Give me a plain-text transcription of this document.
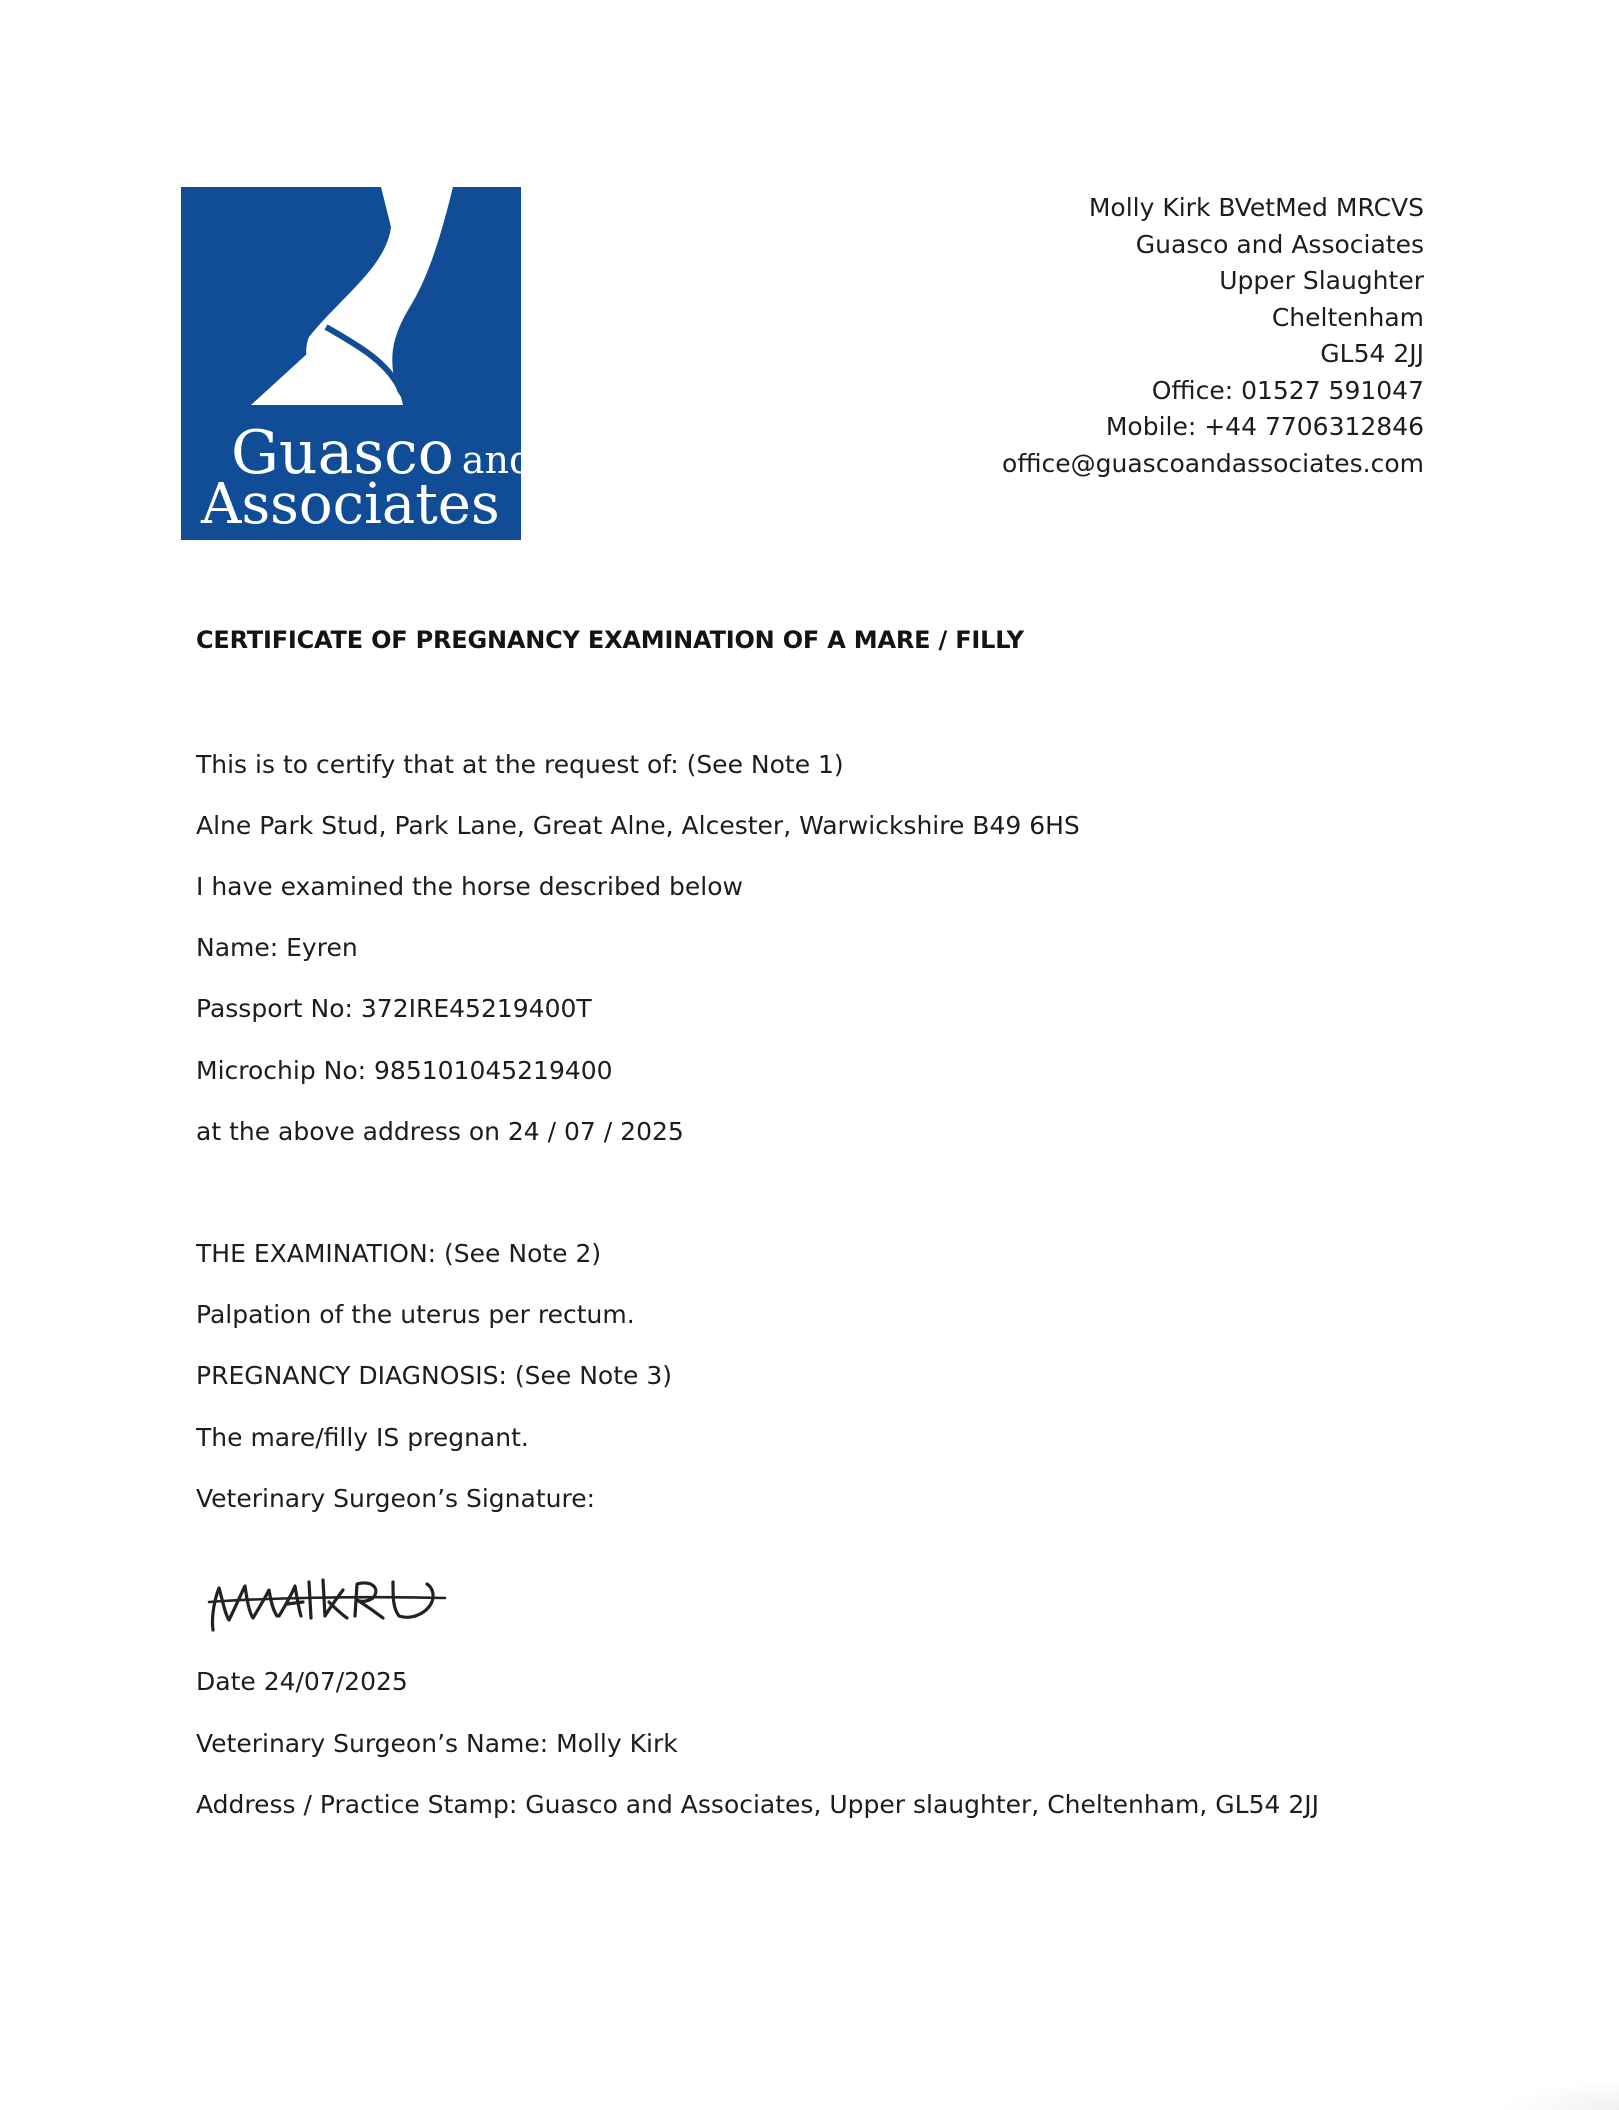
Guasco and
Associates
Molly Kirk BVetMed MRCVS
Guasco and Associates
Upper Slaughter
Cheltenham
GL54 2JJ
Office: 01527 591047
Mobile: +44 7706312846
office@guascoandassociates.com
CERTIFICATE OF PREGNANCY EXAMINATION OF A MARE / FILLY
This is to certify that at the request of: (See Note 1)
Alne Park Stud, Park Lane, Great Alne, Alcester, Warwickshire B49 6HS
I have examined the horse described below
Name: Eyren
Passport No: 372IRE45219400T
Microchip No: 985101045219400
at the above address on 24 / 07 / 2025
THE EXAMINATION: (See Note 2)
Palpation of the uterus per rectum.
PREGNANCY DIAGNOSIS: (See Note 3)
The mare/filly IS pregnant.
Veterinary Surgeon’s Signature:
Date 24/07/2025
Veterinary Surgeon’s Name: Molly Kirk
Address / Practice Stamp: Guasco and Associates, Upper slaughter, Cheltenham, GL54 2JJ
